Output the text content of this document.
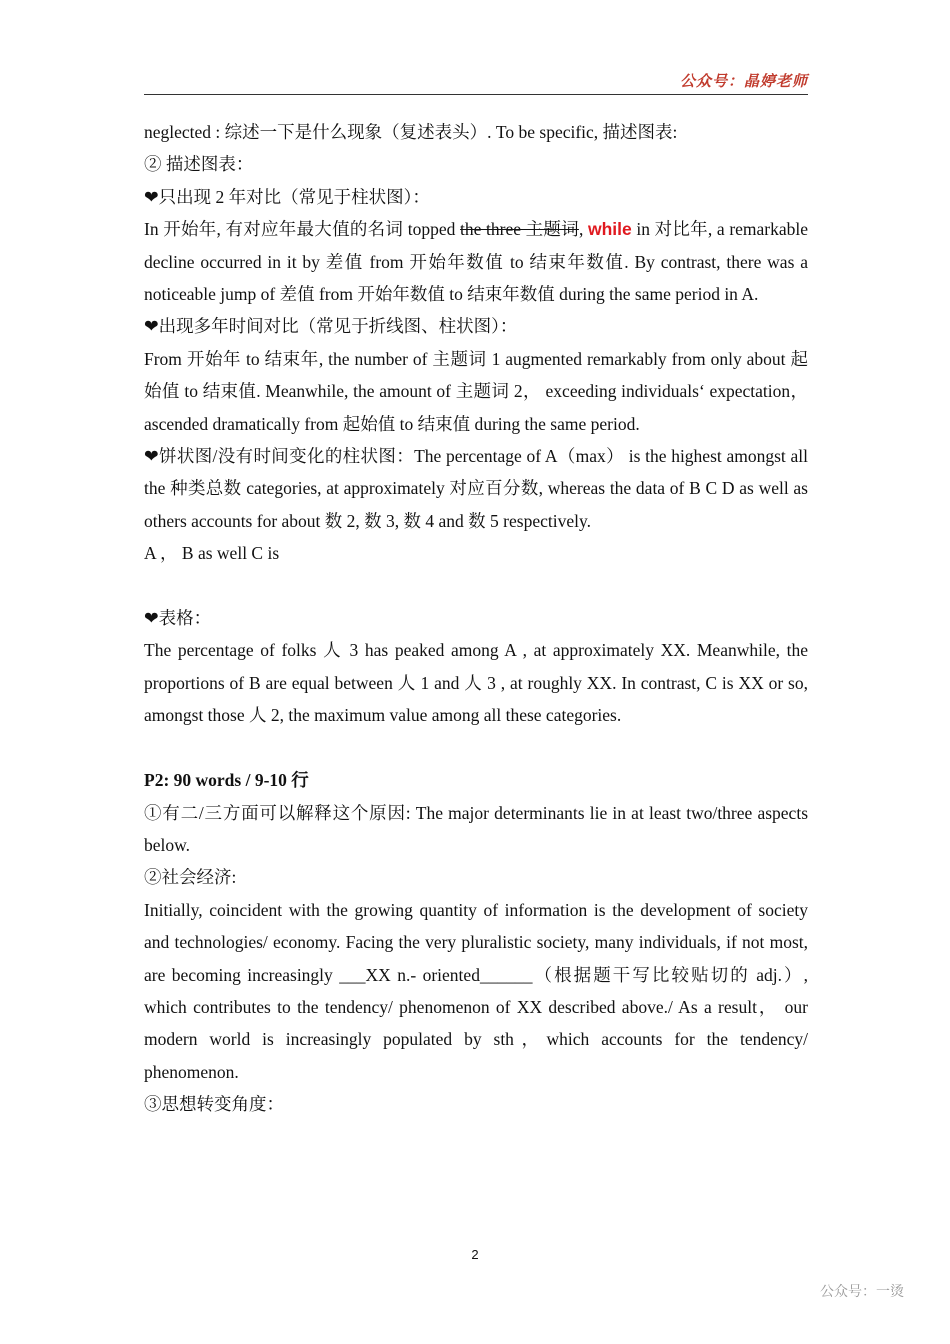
公众号：晶婷老师

neglected : 综述一下是什么现象（复述表头）. To be specific, 描述图表:

② 描述图表：

❤只出现 2 年对比（常见于柱状图）：

In 开始年, 有对应年最大值的名词 topped the three 主题词, while in 对比年, a remarkable decline occurred in it by 差值 from 开始年数值 to 结束年数值. By contrast, there was a noticeable jump of 差值 from 开始年数值 to 结束年数值 during the same period in A.

❤出现多年时间对比（常见于折线图、柱状图）：

From 开始年 to 结束年, the number of 主题词 1 augmented remarkably from only about 起始值 to 结束值. Meanwhile, the amount of 主题词 2， exceeding individuals‘ expectation，ascended dramatically from 起始值 to 结束值 during the same period.

❤饼状图/没有时间变化的柱状图：The percentage of A（max） is the highest amongst all the 种类总数 categories, at approximately 对应百分数, whereas the data of B C D as well as others accounts for about 数 2, 数 3, 数 4 and 数 5 respectively.

A ， B as well C is

❤表格：

The percentage of folks 人 3 has peaked among A , at approximately XX. Meanwhile, the proportions of B are equal between 人 1 and 人 3 , at roughly XX. In contrast, C is XX or so, amongst those 人 2, the maximum value among all these categories.

P2: 90 words / 9-10 行

①有二/三方面可以解释这个原因: The major determinants lie in at least two/three aspects below.

②社会经济:

Initially, coincident with the growing quantity of information is the development of society and technologies/ economy. Facing the very pluralistic society, many individuals, if not most, are becoming increasingly ___XX n.- oriented______（根据题干写比较贴切的 adj.）, which contributes to the tendency/ phenomenon of XX described above./ As a result， our modern world is increasingly populated by sth，which accounts for the tendency/ phenomenon.

③思想转变角度：

2
公众号：一烫
